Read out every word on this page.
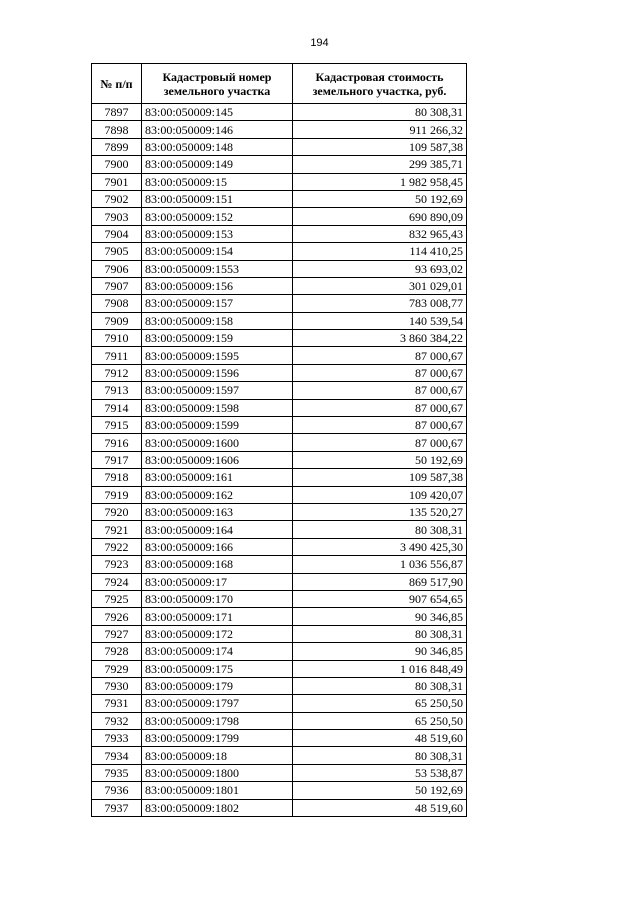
194
№ п/п	Кадастровый номер земельного участка	Кадастровая стоимость земельного участка, руб.
7897	83:00:050009:145	80 308,31
7898	83:00:050009:146	911 266,32
7899	83:00:050009:148	109 587,38
7900	83:00:050009:149	299 385,71
7901	83:00:050009:15	1 982 958,45
7902	83:00:050009:151	50 192,69
7903	83:00:050009:152	690 890,09
7904	83:00:050009:153	832 965,43
7905	83:00:050009:154	114 410,25
7906	83:00:050009:1553	93 693,02
7907	83:00:050009:156	301 029,01
7908	83:00:050009:157	783 008,77
7909	83:00:050009:158	140 539,54
7910	83:00:050009:159	3 860 384,22
7911	83:00:050009:1595	87 000,67
7912	83:00:050009:1596	87 000,67
7913	83:00:050009:1597	87 000,67
7914	83:00:050009:1598	87 000,67
7915	83:00:050009:1599	87 000,67
7916	83:00:050009:1600	87 000,67
7917	83:00:050009:1606	50 192,69
7918	83:00:050009:161	109 587,38
7919	83:00:050009:162	109 420,07
7920	83:00:050009:163	135 520,27
7921	83:00:050009:164	80 308,31
7922	83:00:050009:166	3 490 425,30
7923	83:00:050009:168	1 036 556,87
7924	83:00:050009:17	869 517,90
7925	83:00:050009:170	907 654,65
7926	83:00:050009:171	90 346,85
7927	83:00:050009:172	80 308,31
7928	83:00:050009:174	90 346,85
7929	83:00:050009:175	1 016 848,49
7930	83:00:050009:179	80 308,31
7931	83:00:050009:1797	65 250,50
7932	83:00:050009:1798	65 250,50
7933	83:00:050009:1799	48 519,60
7934	83:00:050009:18	80 308,31
7935	83:00:050009:1800	53 538,87
7936	83:00:050009:1801	50 192,69
7937	83:00:050009:1802	48 519,60
